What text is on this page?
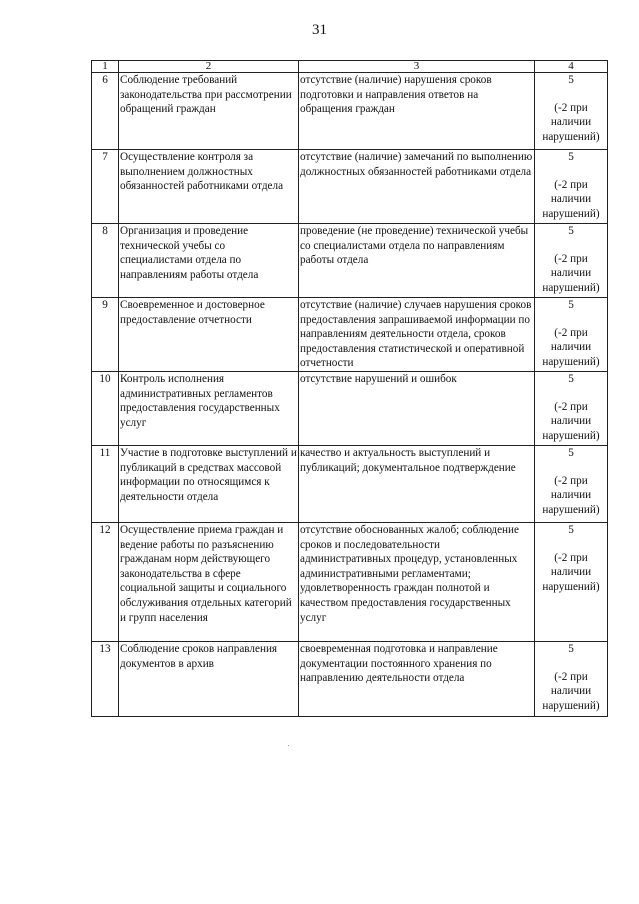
31
1	2	3	4
6	Соблюдение требований законодательства при рассмотрении обращений граждан	отсутствие (наличие) нарушения сроков подготовки и направления ответов на обращения граждан	5
(-2 при наличии нарушений)

7	Осуществление контроля за выполнением должностных обязанностей работниками отдела	отсутствие (наличие) замечаний по выполнению должностных обязанностей работниками отдела	5
(-2 при наличии нарушений)

8	Организация и проведение технической учебы со специалистами отдела по направлениям работы отдела	проведение (не проведение) технической учебы со специалистами отдела по направлениям работы отдела	5
(-2 при наличии нарушений)

9	Своевременное и достоверное предоставление отчетности	отсутствие (наличие) случаев нарушения сроков предоставления запрашиваемой информации по направлениям деятельности отдела, сроков предоставления статистической и оперативной отчетности	5
(-2 при наличии нарушений)

10	Контроль исполнения административных регламентов предоставления государственных услуг	отсутствие нарушений и ошибок	5
(-2 при наличии нарушений)

11	Участие в подготовке выступлений и публикаций в средствах массовой информации по относящимся к деятельности отдела	качество и актуальность выступлений и публикаций; документальное подтверждение	5
(-2 при наличии нарушений)

12	Осуществление приема граждан и ведение работы по разъяснению гражданам норм действующего законодательства в сфере социальной защиты и социального обслуживания отдельных категорий и групп населения	отсутствие обоснованных жалоб; соблюдение сроков и последовательности административных процедур, установленных административными регламентами; удовлетворенность граждан полнотой и качеством предоставления государственных услуг	5
(-2 при наличии нарушений)

13	Соблюдение сроков направления документов в архив	своевременная подготовка и направление документации постоянного хранения по направлению деятельности отдела	5
(-2 при наличии нарушений)
